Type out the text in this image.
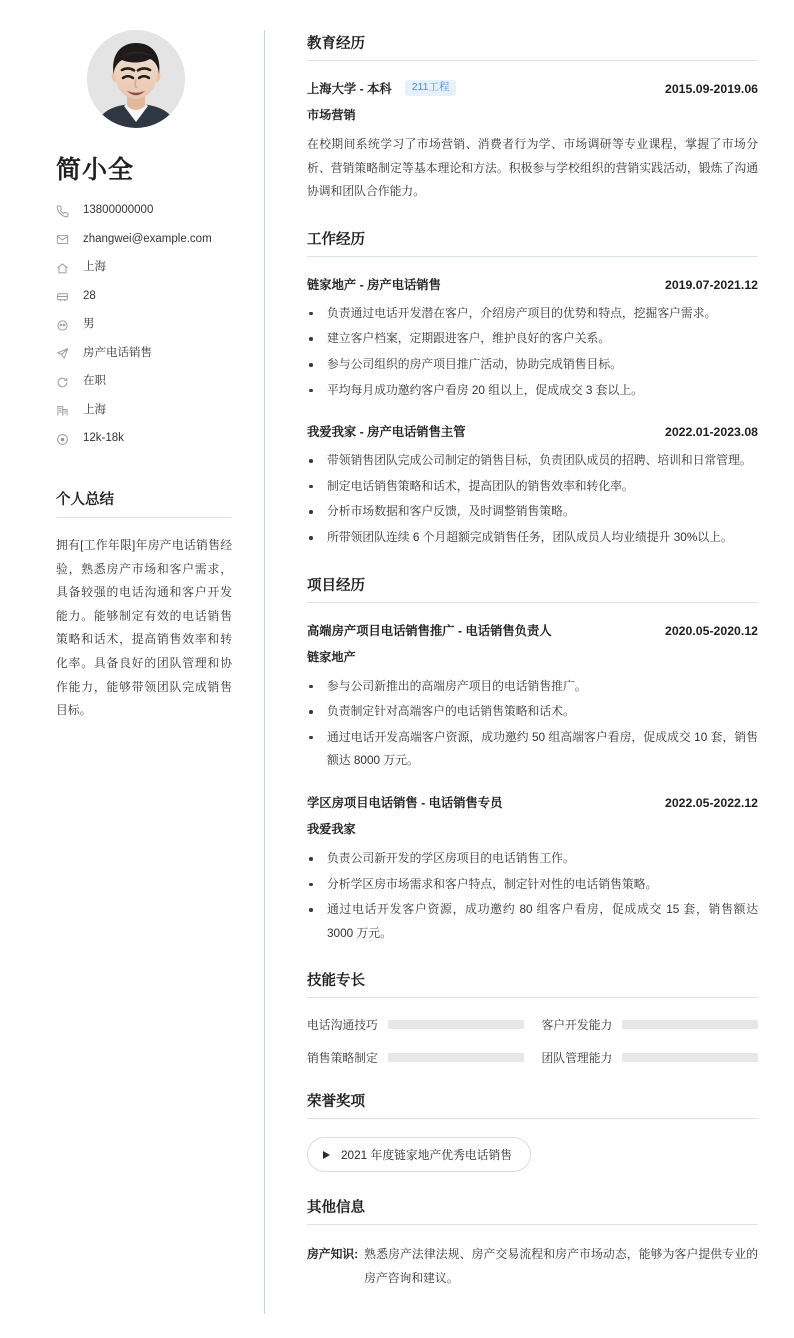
简小全
13800000000
zhangwei@example.com
上海
28
男
房产电话销售
在职
上海
12k-18k
个人总结

拥有[工作年限]年房产电话销售经验，熟悉房产市场和客户需求，具备较强的电话沟通和客户开发能力。能够制定有效的电话销售策略和话术，提高销售效率和转化率。具备良好的团队管理和协作能力，能够带领团队完成销售目标。

教育经历
上海大学 - 本科	211工程	2015.09-2019.06
市场营销

在校期间系统学习了市场营销、消费者行为学、市场调研等专业课程，掌握了市场分析、营销策略制定等基本理论和方法。积极参与学校组织的营销实践活动，锻炼了沟通协调和团队合作能力。

工作经历
链家地产 - 房产电话销售	2019.07-2021.12
负责通过电话开发潜在客户，介绍房产项目的优势和特点，挖掘客户需求。
建立客户档案，定期跟进客户，维护良好的客户关系。
参与公司组织的房产项目推广活动，协助完成销售目标。
平均每月成功邀约客户看房 20 组以上，促成成交 3 套以上。
我爱我家 - 房产电话销售主管	2022.01-2023.08
带领销售团队完成公司制定的销售目标，负责团队成员的招聘、培训和日常管理。
制定电话销售策略和话术，提高团队的销售效率和转化率。
分析市场数据和客户反馈，及时调整销售策略。
所带领团队连续 6 个月超额完成销售任务，团队成员人均业绩提升 30%以上。
项目经历
高端房产项目电话销售推广 - 电话销售负责人	2020.05-2020.12
链家地产
参与公司新推出的高端房产项目的电话销售推广。
负责制定针对高端客户的电话销售策略和话术。
通过电话开发高端客户资源，成功邀约 50 组高端客户看房，促成成交 10 套，销售额达 8000 万元。
学区房项目电话销售 - 电话销售专员	2022.05-2022.12
我爱我家
负责公司新开发的学区房项目的电话销售工作。
分析学区房市场需求和客户特点，制定针对性的电话销售策略。
通过电话开发客户资源，成功邀约 80 组客户看房，促成成交 15 套，销售额达 3000 万元。
技能专长
电话沟通技巧	客户开发能力
销售策略制定	团队管理能力
荣誉奖项
2021 年度链家地产优秀电话销售
其他信息
房产知识: 熟悉房产法律法规、房产交易流程和房产市场动态，能够为客户提供专业的房产咨询和建议。
